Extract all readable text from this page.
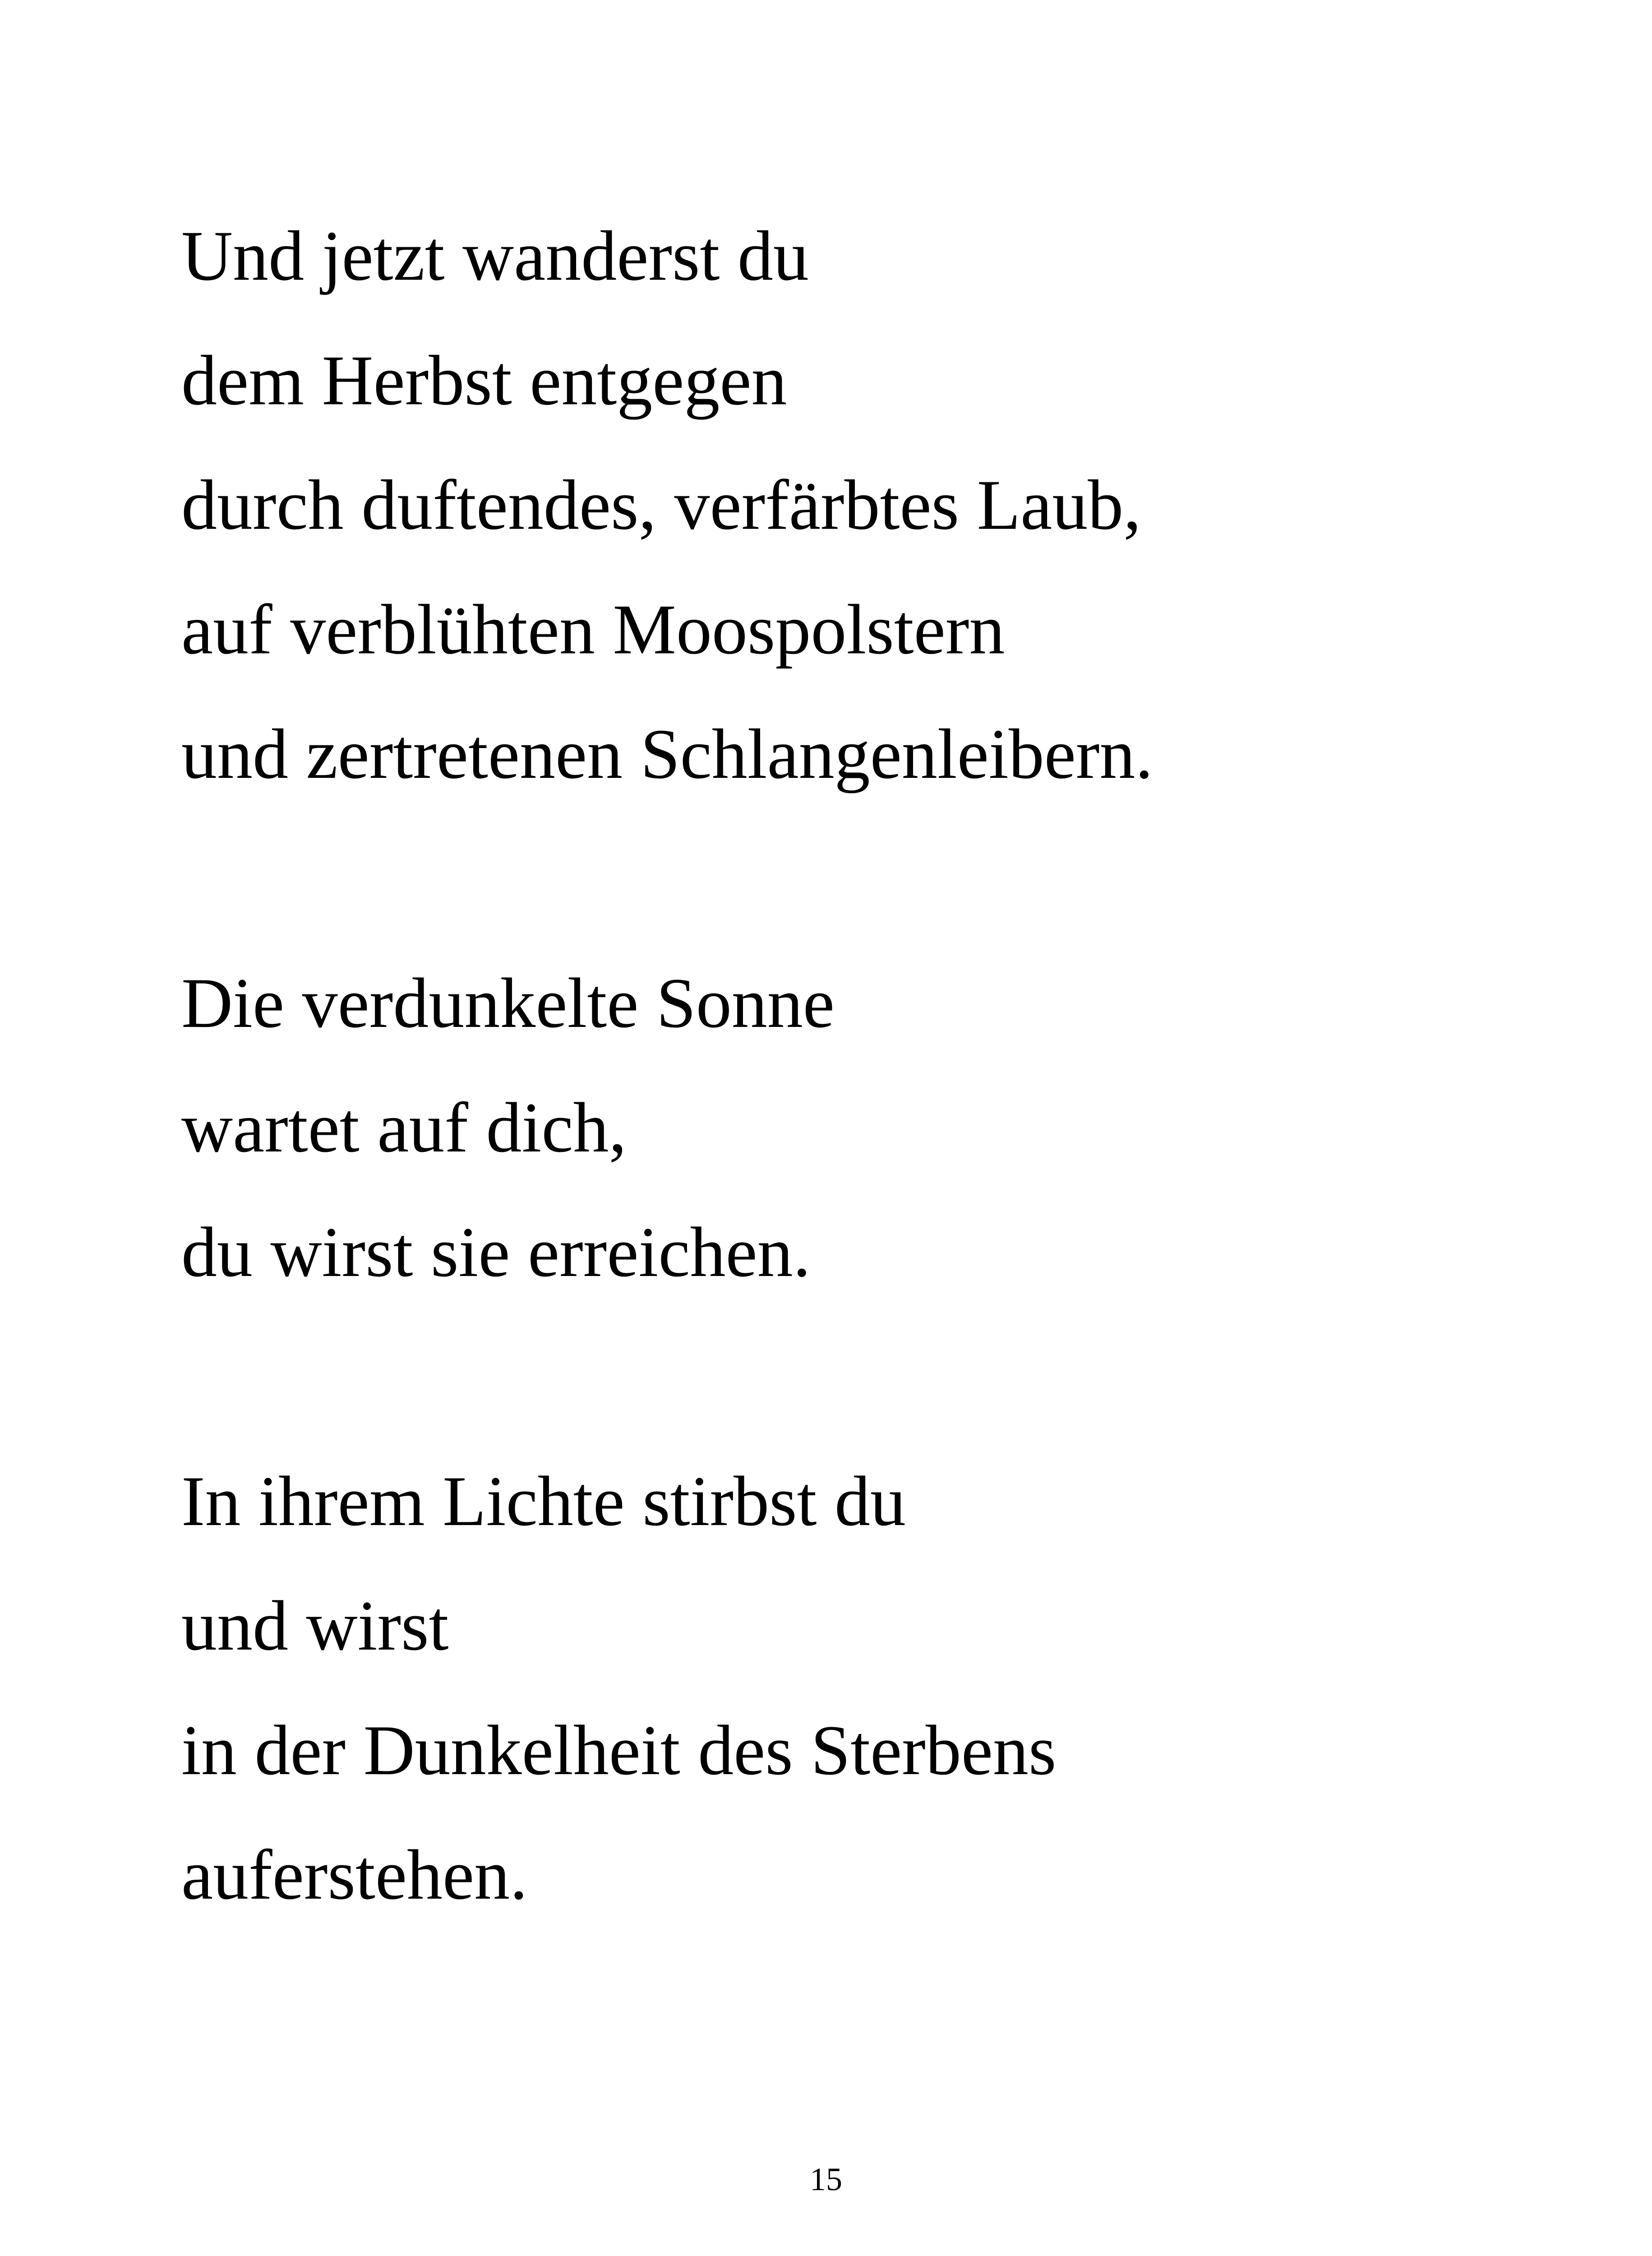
Und jetzt wanderst du
dem Herbst entgegen
durch duftendes, verfärbtes Laub,
auf verblühten Moospolstern
und zertretenen Schlangenleibern.
Die verdunkelte Sonne
wartet auf dich,
du wirst sie erreichen.
In ihrem Lichte stirbst du
und wirst
in der Dunkelheit des Sterbens
auferstehen.
15
